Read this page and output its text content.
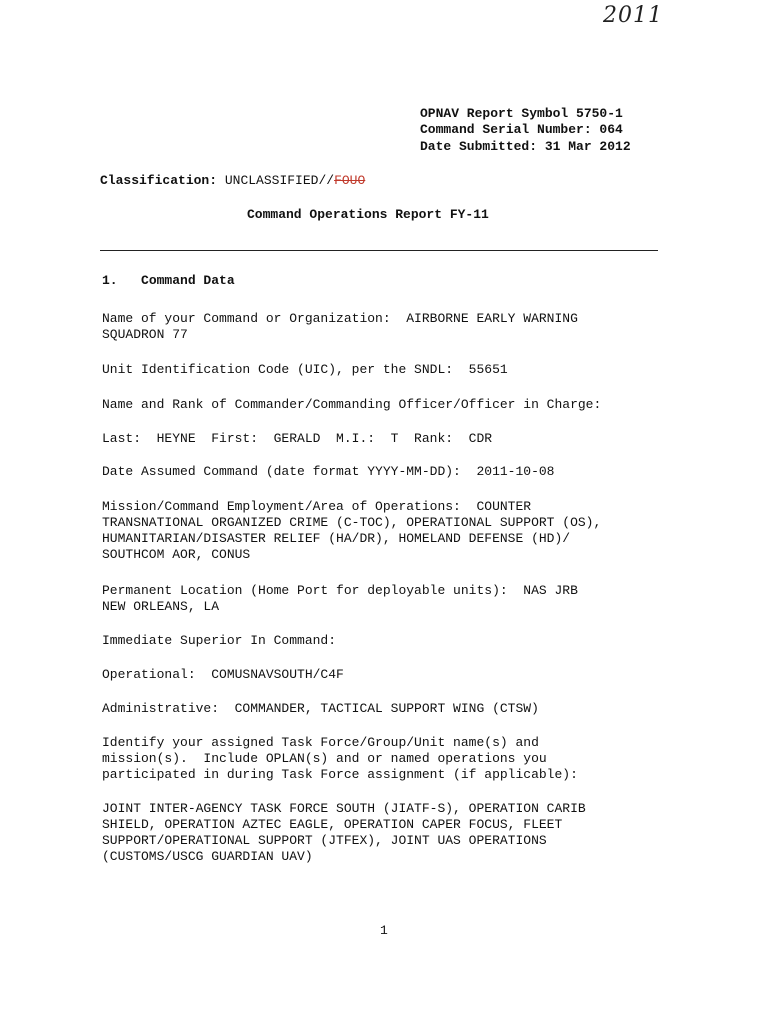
2011
OPNAV Report Symbol 5750-1
Command Serial Number: 064
Date Submitted: 31 Mar 2012
Classification: UNCLASSIFIED//FOUO
Command Operations Report FY-11
1. Command Data
Name of your Command or Organization:  AIRBORNE EARLY WARNING
SQUADRON 77
Unit Identification Code (UIC), per the SNDL:  55651
Name and Rank of Commander/Commanding Officer/Officer in Charge:
Last:  HEYNE  First:  GERALD  M.I.:  T  Rank:  CDR
Date Assumed Command (date format YYYY-MM-DD):  2011-10-08
Mission/Command Employment/Area of Operations:  COUNTER
TRANSNATIONAL ORGANIZED CRIME (C-TOC), OPERATIONAL SUPPORT (OS),
HUMANITARIAN/DISASTER RELIEF (HA/DR), HOMELAND DEFENSE (HD)/
SOUTHCOM AOR, CONUS
Permanent Location (Home Port for deployable units):  NAS JRB
NEW ORLEANS, LA
Immediate Superior In Command:
Operational:  COMUSNAVSOUTH/C4F
Administrative:  COMMANDER, TACTICAL SUPPORT WING (CTSW)
Identify your assigned Task Force/Group/Unit name(s) and
mission(s).  Include OPLAN(s) and or named operations you
participated in during Task Force assignment (if applicable):
JOINT INTER-AGENCY TASK FORCE SOUTH (JIATF-S), OPERATION CARIB
SHIELD, OPERATION AZTEC EAGLE, OPERATION CAPER FOCUS, FLEET
SUPPORT/OPERATIONAL SUPPORT (JTFEX), JOINT UAS OPERATIONS
(CUSTOMS/USCG GUARDIAN UAV)
1
